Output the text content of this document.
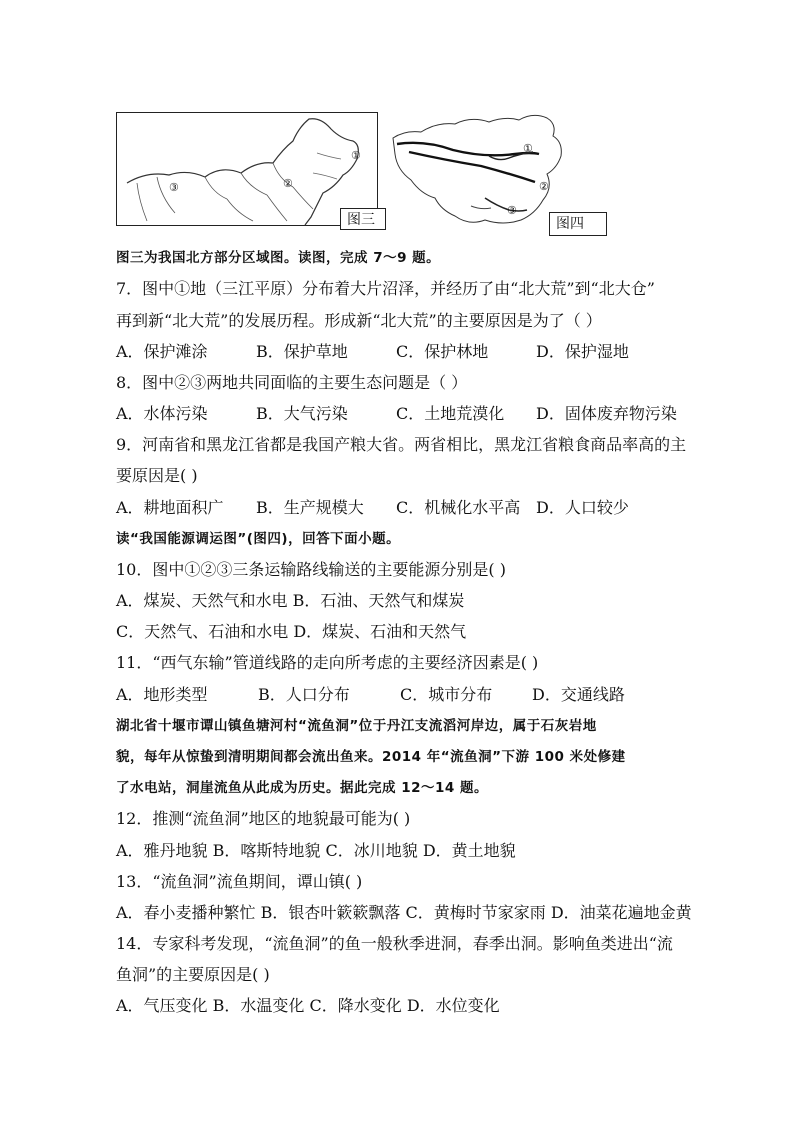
③	②
①
图三
①
②
③
图四
图三为我国北方部分区域图。读图，完成 7～9 题。
7．图中①地（三江平原）分布着大片沼泽，并经历了由“北大荒”到“北大仓”
再到新“北大荒”的发展历程。形成新“北大荒”的主要原因是为了（ ）
A．保护滩涂	B．保护草地	C．保护林地	D．保护湿地
8．图中②③两地共同面临的主要生态问题是（ ）
A．水体污染	B．大气污染	C．土地荒漠化 D．固体废弃物污染
9．河南省和黑龙江省都是我国产粮大省。两省相比，黑龙江省粮食商品率高的主
要原因是( )
A．耕地面积广 B．生产规模大 C．机械化水平高 D．人口较少
读“我国能源调运图”(图四)，回答下面小题。
10．图中①②③三条运输路线输送的主要能源分别是( )
A．煤炭、天然气和水电 B．石油、天然气和煤炭
C．天然气、石油和水电 D．煤炭、石油和天然气
11．“西气东输”管道线路的走向所考虑的主要经济因素是( )
A．地形类型	B．人口分布	C．城市分布 D．交通线路
湖北省十堰市谭山镇鱼塘河村“流鱼洞”位于丹江支流滔河岸边，属于石灰岩地
貌，每年从惊蛰到清明期间都会流出鱼来。2014 年“流鱼洞”下游 100 米处修建
了水电站，洞崖流鱼从此成为历史。据此完成 12～14 题。
12．推测“流鱼洞”地区的地貌最可能为( )
A．雅丹地貌 B．喀斯特地貌 C．冰川地貌 D．黄土地貌
13．“流鱼洞”流鱼期间，谭山镇( )
A．春小麦播种繁忙 B．银杏叶簌簌飘落 C．黄梅时节家家雨 D．油菜花遍地金黄
14．专家科考发现，“流鱼洞”的鱼一般秋季进洞，春季出洞。影响鱼类进出“流
鱼洞”的主要原因是( )
A．气压变化 B．水温变化 C．降水变化 D．水位变化
